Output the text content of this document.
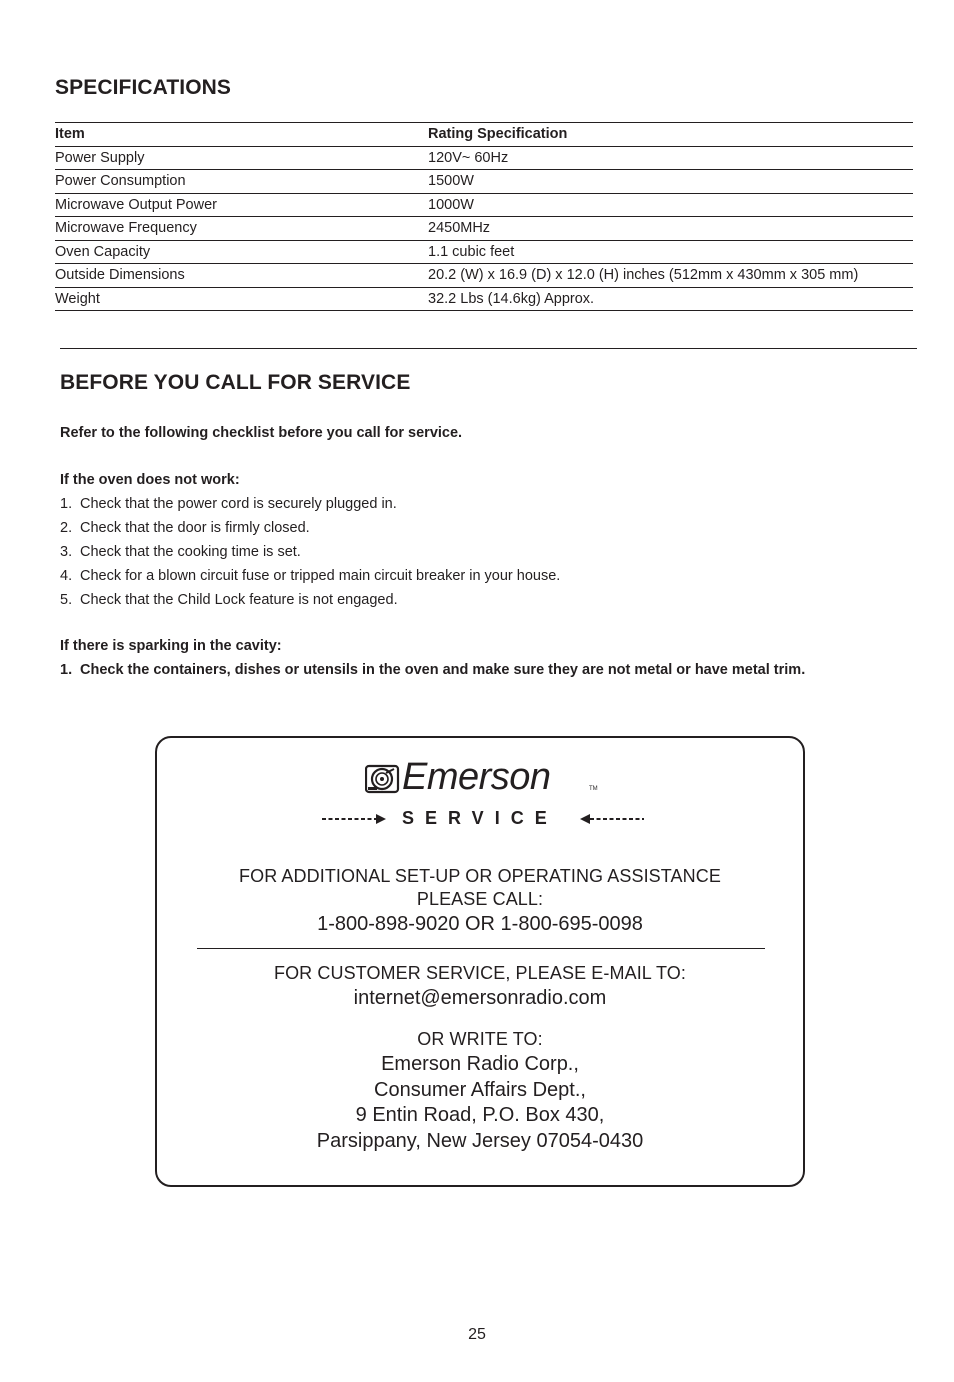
SPECIFICATIONS
Item	Rating Specification
Power Supply	120V~ 60Hz
Power Consumption	1500W
Microwave Output Power	1000W
Microwave Frequency	2450MHz
Oven Capacity	1.1 cubic feet
Outside Dimensions	20.2 (W) x 16.9 (D) x 12.0 (H) inches (512mm x 430mm x 305 mm)
Weight	32.2 Lbs (14.6kg) Approx.
BEFORE YOU CALL FOR SERVICE
Refer to the following checklist before you call for service.
If the oven does not work:
1. Check that the power cord is securely plugged in.
2. Check that the door is firmly closed.
3. Check that the cooking time is set.
4. Check for a blown circuit fuse or tripped main circuit breaker in your house.
5. Check that the Child Lock feature is not engaged.
If there is sparking in the cavity:
1. Check the containers, dishes or utensils in the oven and make sure they are not metal or have metal trim.
Emerson	TM
SERVICE
FOR ADDITIONAL SET-UP OR OPERATING ASSISTANCE
PLEASE CALL:
1-800-898-9020 OR 1-800-695-0098
FOR CUSTOMER SERVICE, PLEASE E-MAIL TO:
internet@emersonradio.com
OR WRITE TO:
Emerson Radio Corp.,
Consumer Affairs Dept.,
9 Entin Road, P.O. Box 430,
Parsippany, New Jersey 07054-0430
25
